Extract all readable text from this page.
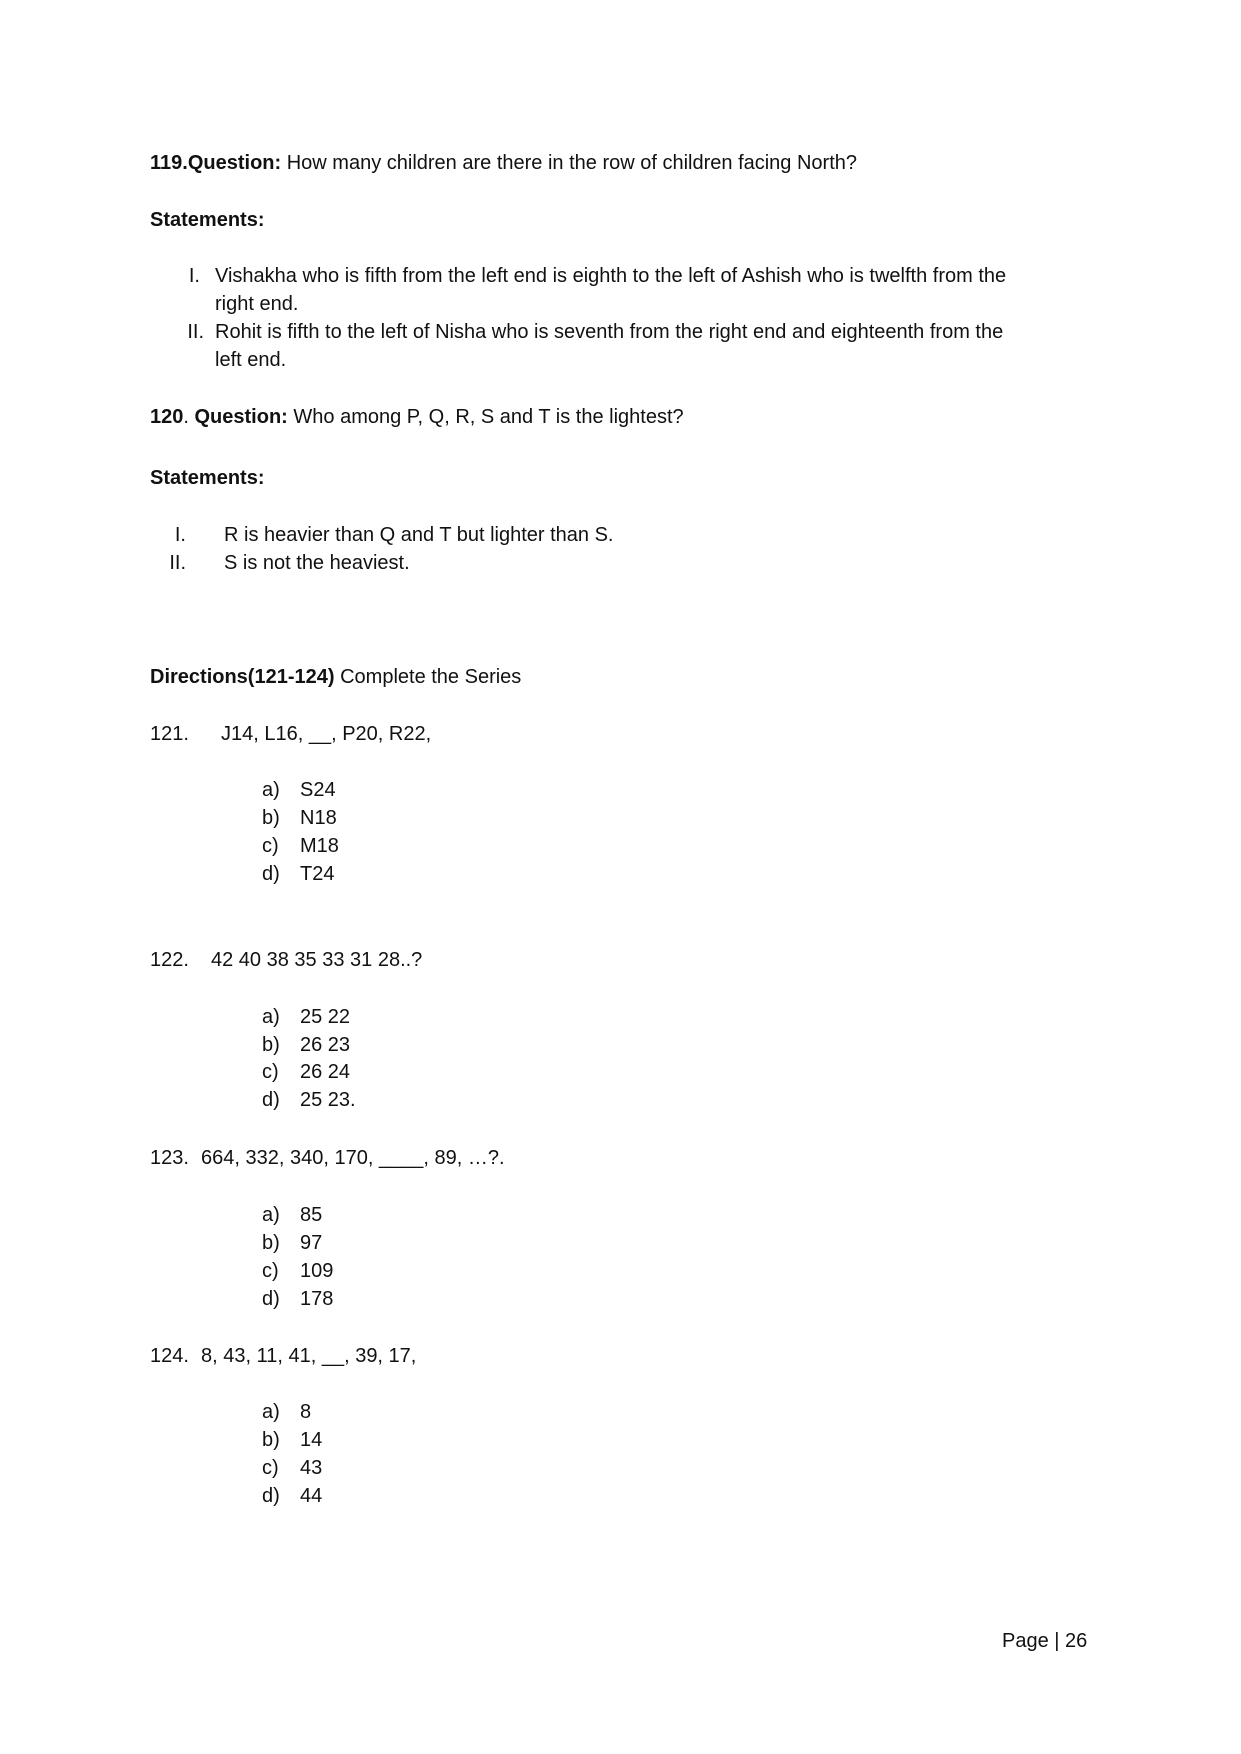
119.Question: How many children are there in the row of children facing North?
Statements:
I. Vishakha who is fifth from the left end is eighth to the left of Ashish who is twelfth from the
right end.
II. Rohit is fifth to the left of Nisha who is seventh from the right end and eighteenth from the
left end.
120. Question: Who among P, Q, R, S and T is the lightest?
Statements:
I. R is heavier than Q and T but lighter than S.
II. S is not the heaviest.
Directions(121-124) Complete the Series
121. J14, L16, __, P20, R22,
a) S24
b) N18
c) M18
d) T24
122. 42 40 38 35 33 31 28..?
a) 25 22
b) 26 23
c) 26 24
d) 25 23.
123. 664, 332, 340, 170, ____, 89, …?.
a) 85
b) 97
c) 109
d) 178
124. 8, 43, 11, 41, __, 39, 17,
a) 8
b) 14
c) 43
d) 44
Page | 26
